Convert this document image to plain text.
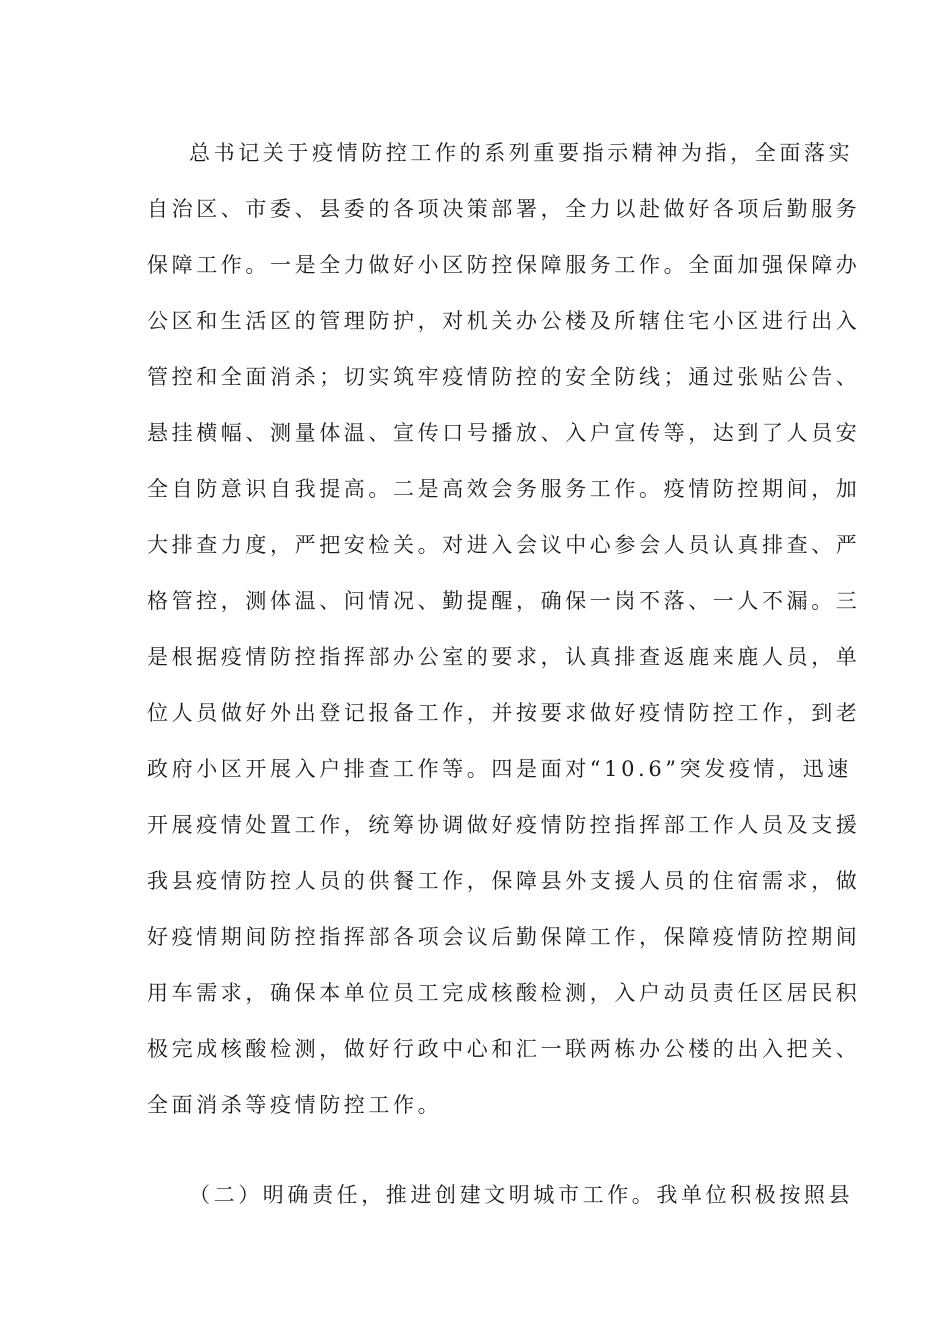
总书记关于疫情防控工作的系列重要指示精神为指，全面落实
自治区、市委、县委的各项决策部署，全力以赴做好各项后勤服务
保障工作。一是全力做好小区防控保障服务工作。全面加强保障办
公区和生活区的管理防护，对机关办公楼及所辖住宅小区进行出入
管控和全面消杀；切实筑牢疫情防控的安全防线；通过张贴公告、
悬挂横幅、测量体温、宣传口号播放、入户宣传等，达到了人员安
全自防意识自我提高。二是高效会务服务工作。疫情防控期间，加
大排查力度，严把安检关。对进入会议中心参会人员认真排查、严
格管控，测体温、问情况、勤提醒，确保一岗不落、一人不漏。三
是根据疫情防控指挥部办公室的要求，认真排查返鹿来鹿人员，单
位人员做好外出登记报备工作，并按要求做好疫情防控工作，到老
政府小区开展入户排查工作等。四是面对“10.6”突发疫情，迅速
开展疫情处置工作，统筹协调做好疫情防控指挥部工作人员及支援
我县疫情防控人员的供餐工作，保障县外支援人员的住宿需求，做
好疫情期间防控指挥部各项会议后勤保障工作，保障疫情防控期间
用车需求，确保本单位员工完成核酸检测，入户动员责任区居民积
极完成核酸检测，做好行政中心和汇一联两栋办公楼的出入把关、
全面消杀等疫情防控工作。
（二）明确责任，推进创建文明城市工作。我单位积极按照县
